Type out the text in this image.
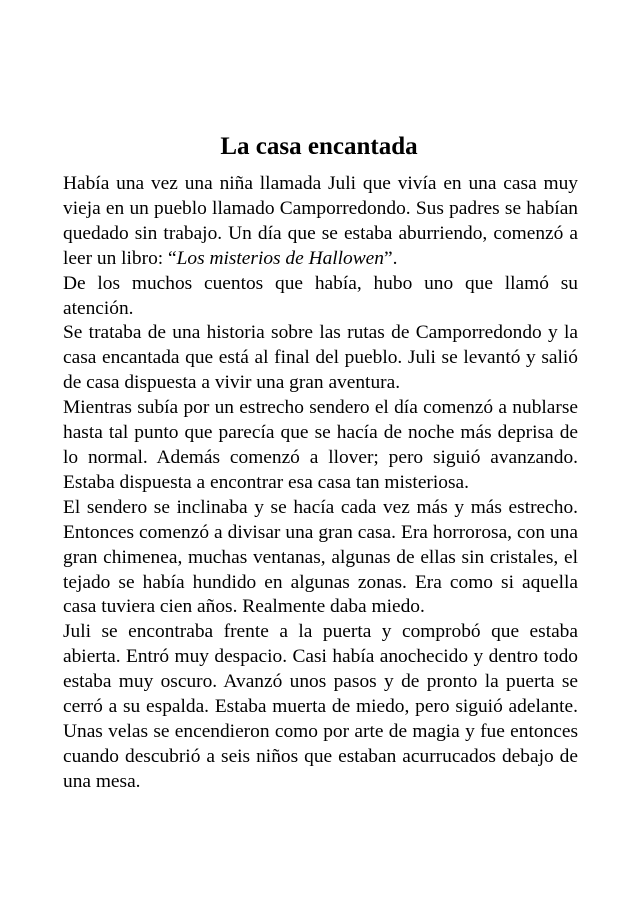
La casa encantada

Había una vez una niña llamada Juli que vivía en una casa muy vieja en un pueblo llamado Camporredondo. Sus padres se habían quedado sin trabajo. Un día que se estaba aburriendo, comenzó a leer un libro: “Los misterios de Hallowen”.

De los muchos cuentos que había, hubo uno que llamó su atención.

Se trataba de una historia sobre las rutas de Camporredondo y la casa encantada que está al final del pueblo. Juli se levantó y salió de casa dispuesta a vivir una gran aventura.

Mientras subía por un estrecho sendero el día comenzó a nublarse hasta tal punto que parecía que se hacía de noche más deprisa de lo normal. Además comenzó a llover; pero siguió avanzando. Estaba dispuesta a encontrar esa casa tan misteriosa.

El sendero se inclinaba y se hacía cada vez más y más estrecho. Entonces comenzó a divisar una gran casa. Era horrorosa, con una gran chimenea, muchas ventanas, algunas de ellas sin cristales, el tejado se había hundido en algunas zonas. Era como si aquella casa tuviera cien años. Realmente daba miedo.

Juli se encontraba frente a la puerta y comprobó que estaba abierta. Entró muy despacio. Casi había anochecido y dentro todo estaba muy oscuro. Avanzó unos pasos y de pronto la puerta se cerró a su espalda. Estaba muerta de miedo, pero siguió adelante. Unas velas se encendieron como por arte de magia y fue entonces cuando descubrió a seis niños que estaban acurrucados debajo de una mesa.
